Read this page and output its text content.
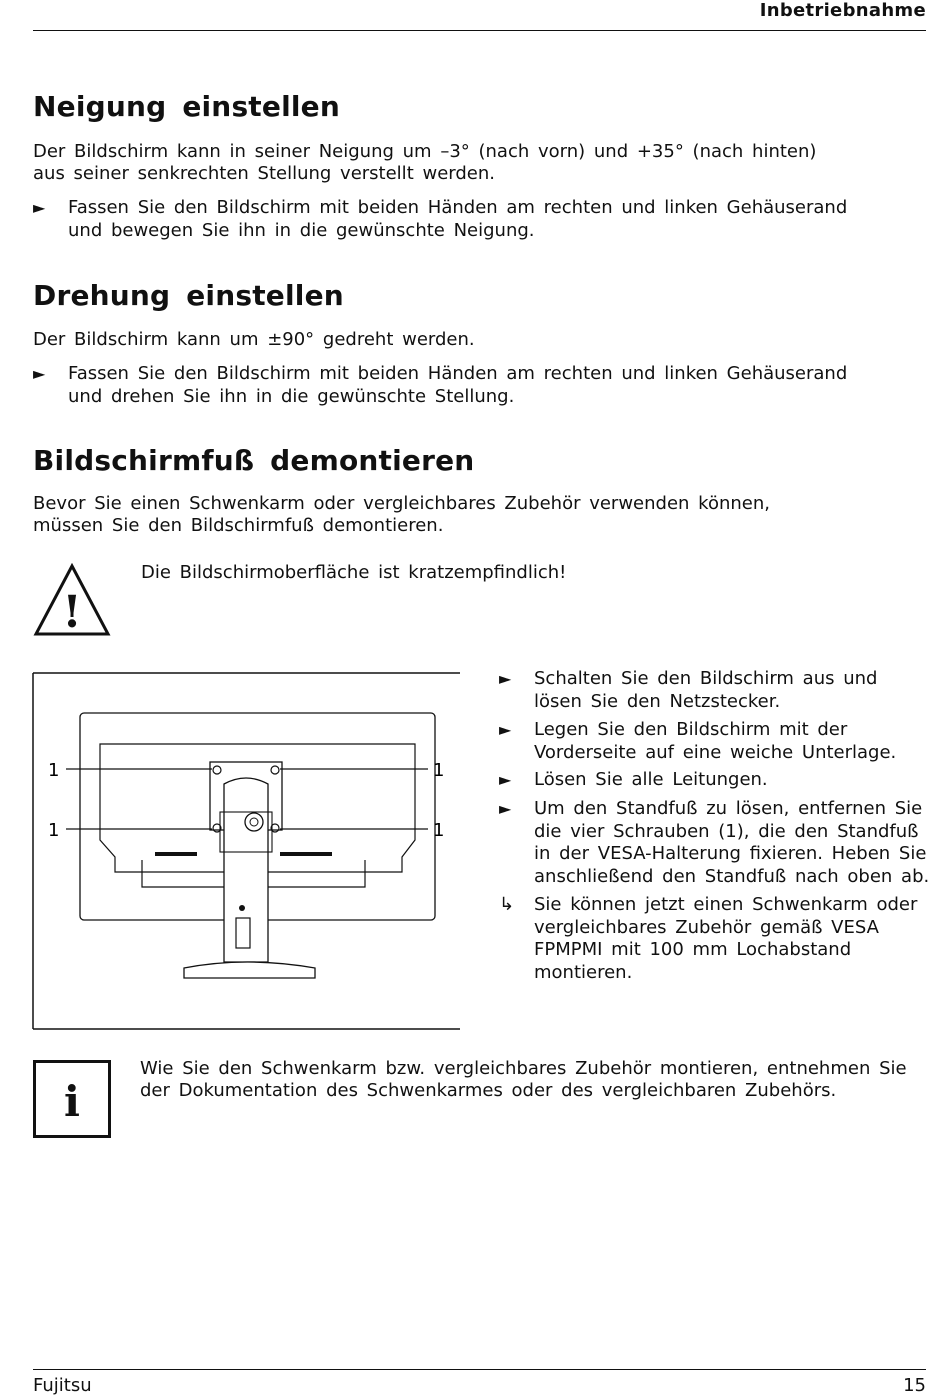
Inbetriebnahme
Neigung einstellen

Der Bildschirm kann in seiner Neigung um –3° (nach vorn) und +35° (nach hinten)

aus seiner senkrechten Stellung verstellt werden.

► Fassen Sie den Bildschirm mit beiden Händen am rechten und linken Gehäuserand
und bewegen Sie ihn in die gewünschte Neigung.
Drehung einstellen

Der Bildschirm kann um ±90° gedreht werden.

► Fassen Sie den Bildschirm mit beiden Händen am rechten und linken Gehäuserand
und drehen Sie ihn in die gewünschte Stellung.
Bildschirmfuß demontieren

Bevor Sie einen Schwenkarm oder vergleichbares Zubehör verwenden können,

müssen Sie den Bildschirmfuß demontieren.

!

Die Bildschirmoberfläche ist kratzempfindlich!

1
1
1
1
► Schalten Sie den Bildschirm aus und
lösen Sie den Netzstecker.
► Legen Sie den Bildschirm mit der
Vorderseite auf eine weiche Unterlage.
► Lösen Sie alle Leitungen.
► Um den Standfuß zu lösen, entfernen Sie
die vier Schrauben (1), die den Standfuß
in der VESA-Halterung fixieren. Heben Sie
anschließend den Standfuß nach oben ab.
↳ Sie können jetzt einen Schwenkarm oder
vergleichbares Zubehör gemäß VESA
FPMPMI mit 100 mm Lochabstand
montieren.
i

Wie Sie den Schwenkarm bzw. vergleichbares Zubehör montieren, entnehmen Sie

der Dokumentation des Schwenkarmes oder des vergleichbaren Zubehörs.

Fujitsu	15
